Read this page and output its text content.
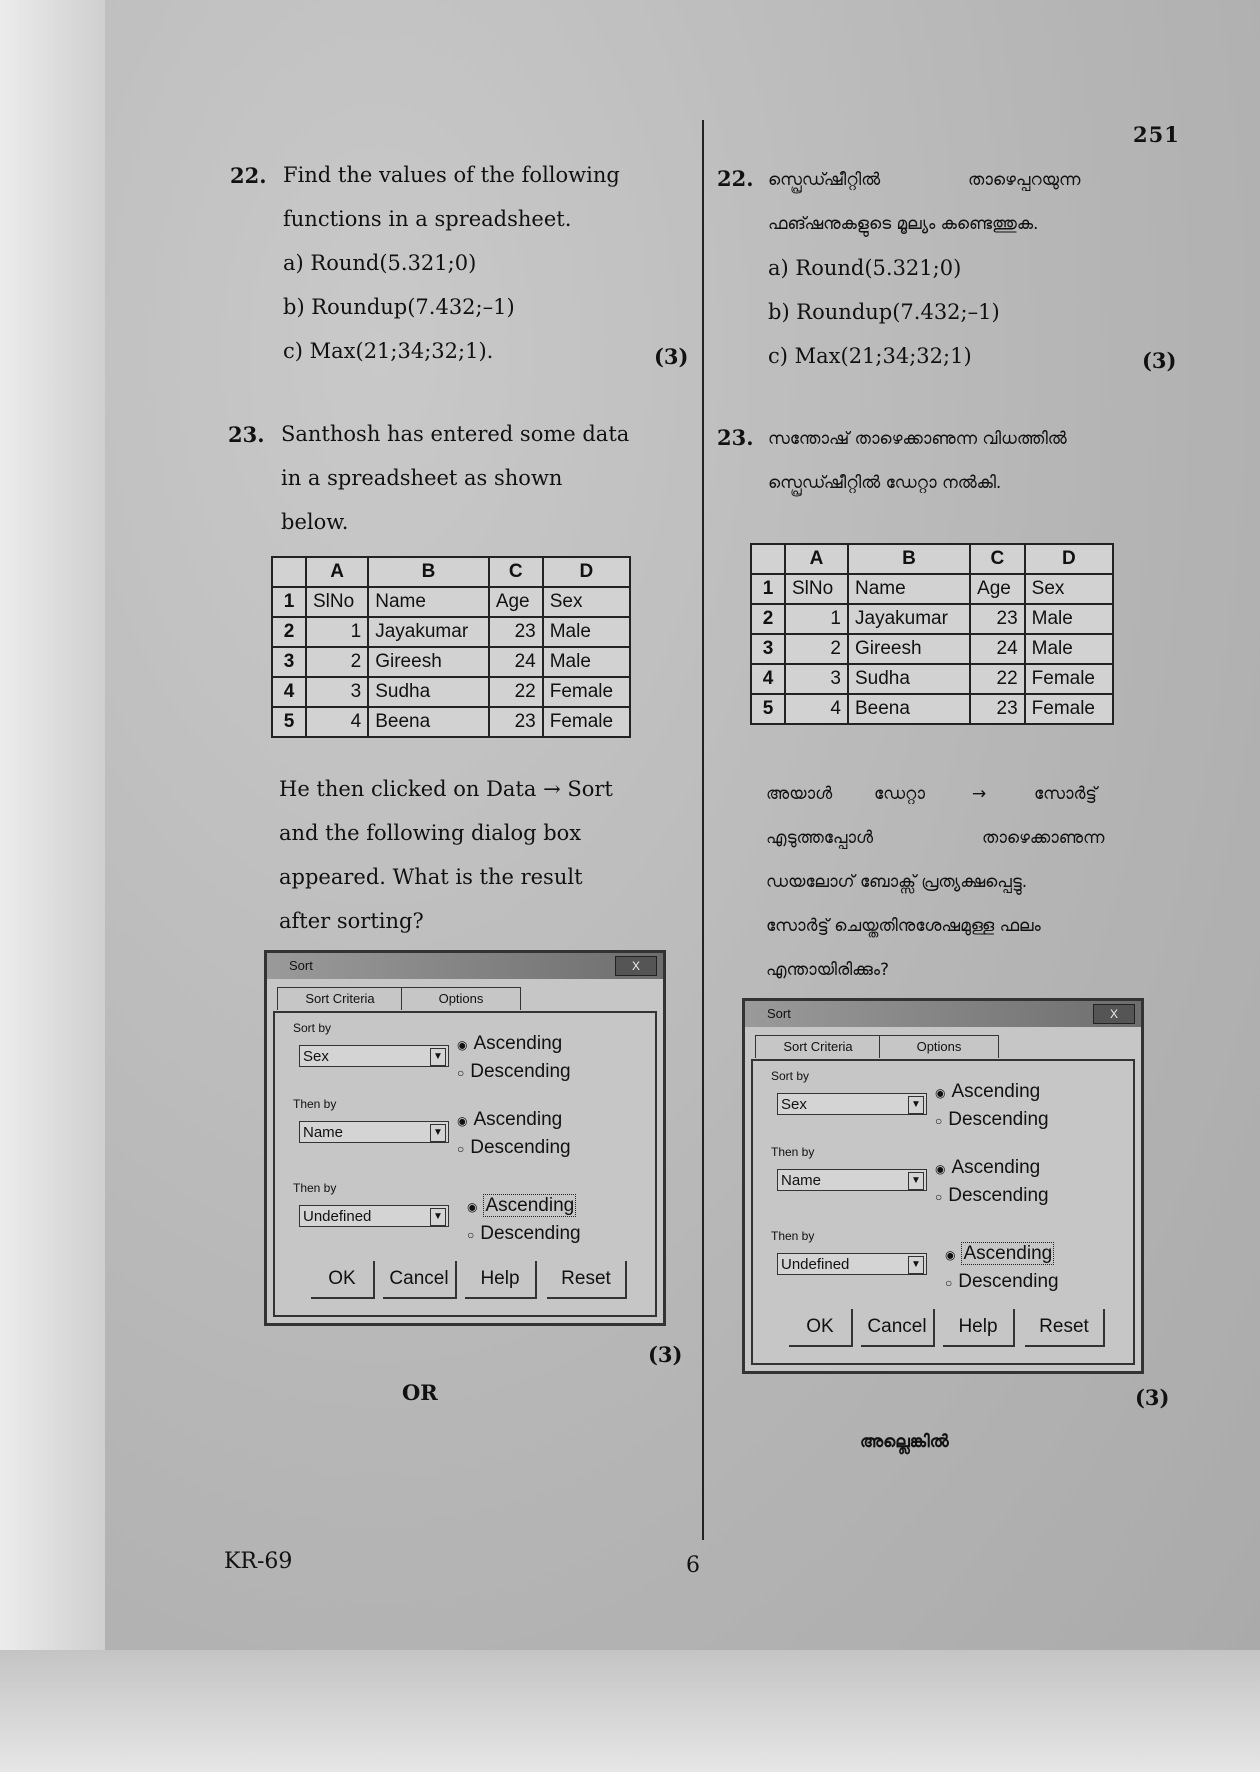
251
22. Find the values of the following
functions in a spreadsheet.
a) Round(5.321;0)
b) Roundup(7.432;–1)
c) Max(21;34;32;1).	(3)
23. Santhosh has entered some data
in a spreadsheet as shown
below.
	A	B	C	D
1	SlNo	Name	Age	Sex
2	1	Jayakumar	23	Male
3	2	Gireesh	24	Male
4	3	Sudha	22	Female
5	4	Beena	23	Female
He then clicked on Data → Sort
and the following dialog box
appeared. What is the result
after sorting?
Sort	X
Sort Criteria	Options
Sort by
Sex	▼
◉ Ascending
○ Descending
Then by
Name	▼
◉ Ascending
○ Descending
Then by
Undefined	▼
◉ Ascending
○ Descending
OK	Cancel	Help	Reset
(3)
OR
KR-69	6
22. സ്പ്രെഡ്ഷീറ്റിൽ	താഴെപ്പറയുന്ന
ഫങ്ഷനുകളുടെ മൂല്യം കണ്ടെത്തുക.
a) Round(5.321;0)
b) Roundup(7.432;–1)
c) Max(21;34;32;1)	(3)
23. സന്തോഷ് താഴെക്കാണുന്ന വിധത്തിൽ
സ്പ്രെഡ്ഷീറ്റിൽ ഡേറ്റാ നൽകി.
	A	B	C	D
1	SlNo	Name	Age	Sex
2	1	Jayakumar	23	Male
3	2	Gireesh	24	Male
4	3	Sudha	22	Female
5	4	Beena	23	Female
അയാൾ ഡേറ്റാ	→	സോർട്ട്
എടുത്തപ്പോൾ	താഴെക്കാണുന്ന
ഡയലോഗ് ബോക്സ് പ്രത്യക്ഷപ്പെട്ടു.
സോർട്ട് ചെയ്തതിനുശേഷമുള്ള ഫലം
എന്തായിരിക്കും?
Sort	X
Sort Criteria	Options
Sort by
Sex	▼
◉ Ascending
○ Descending
Then by
Name	▼
◉ Ascending
○ Descending
Then by
Undefined	▼
◉ Ascending
○ Descending
OK	Cancel	Help	Reset
(3)
അല്ലെങ്കിൽ
